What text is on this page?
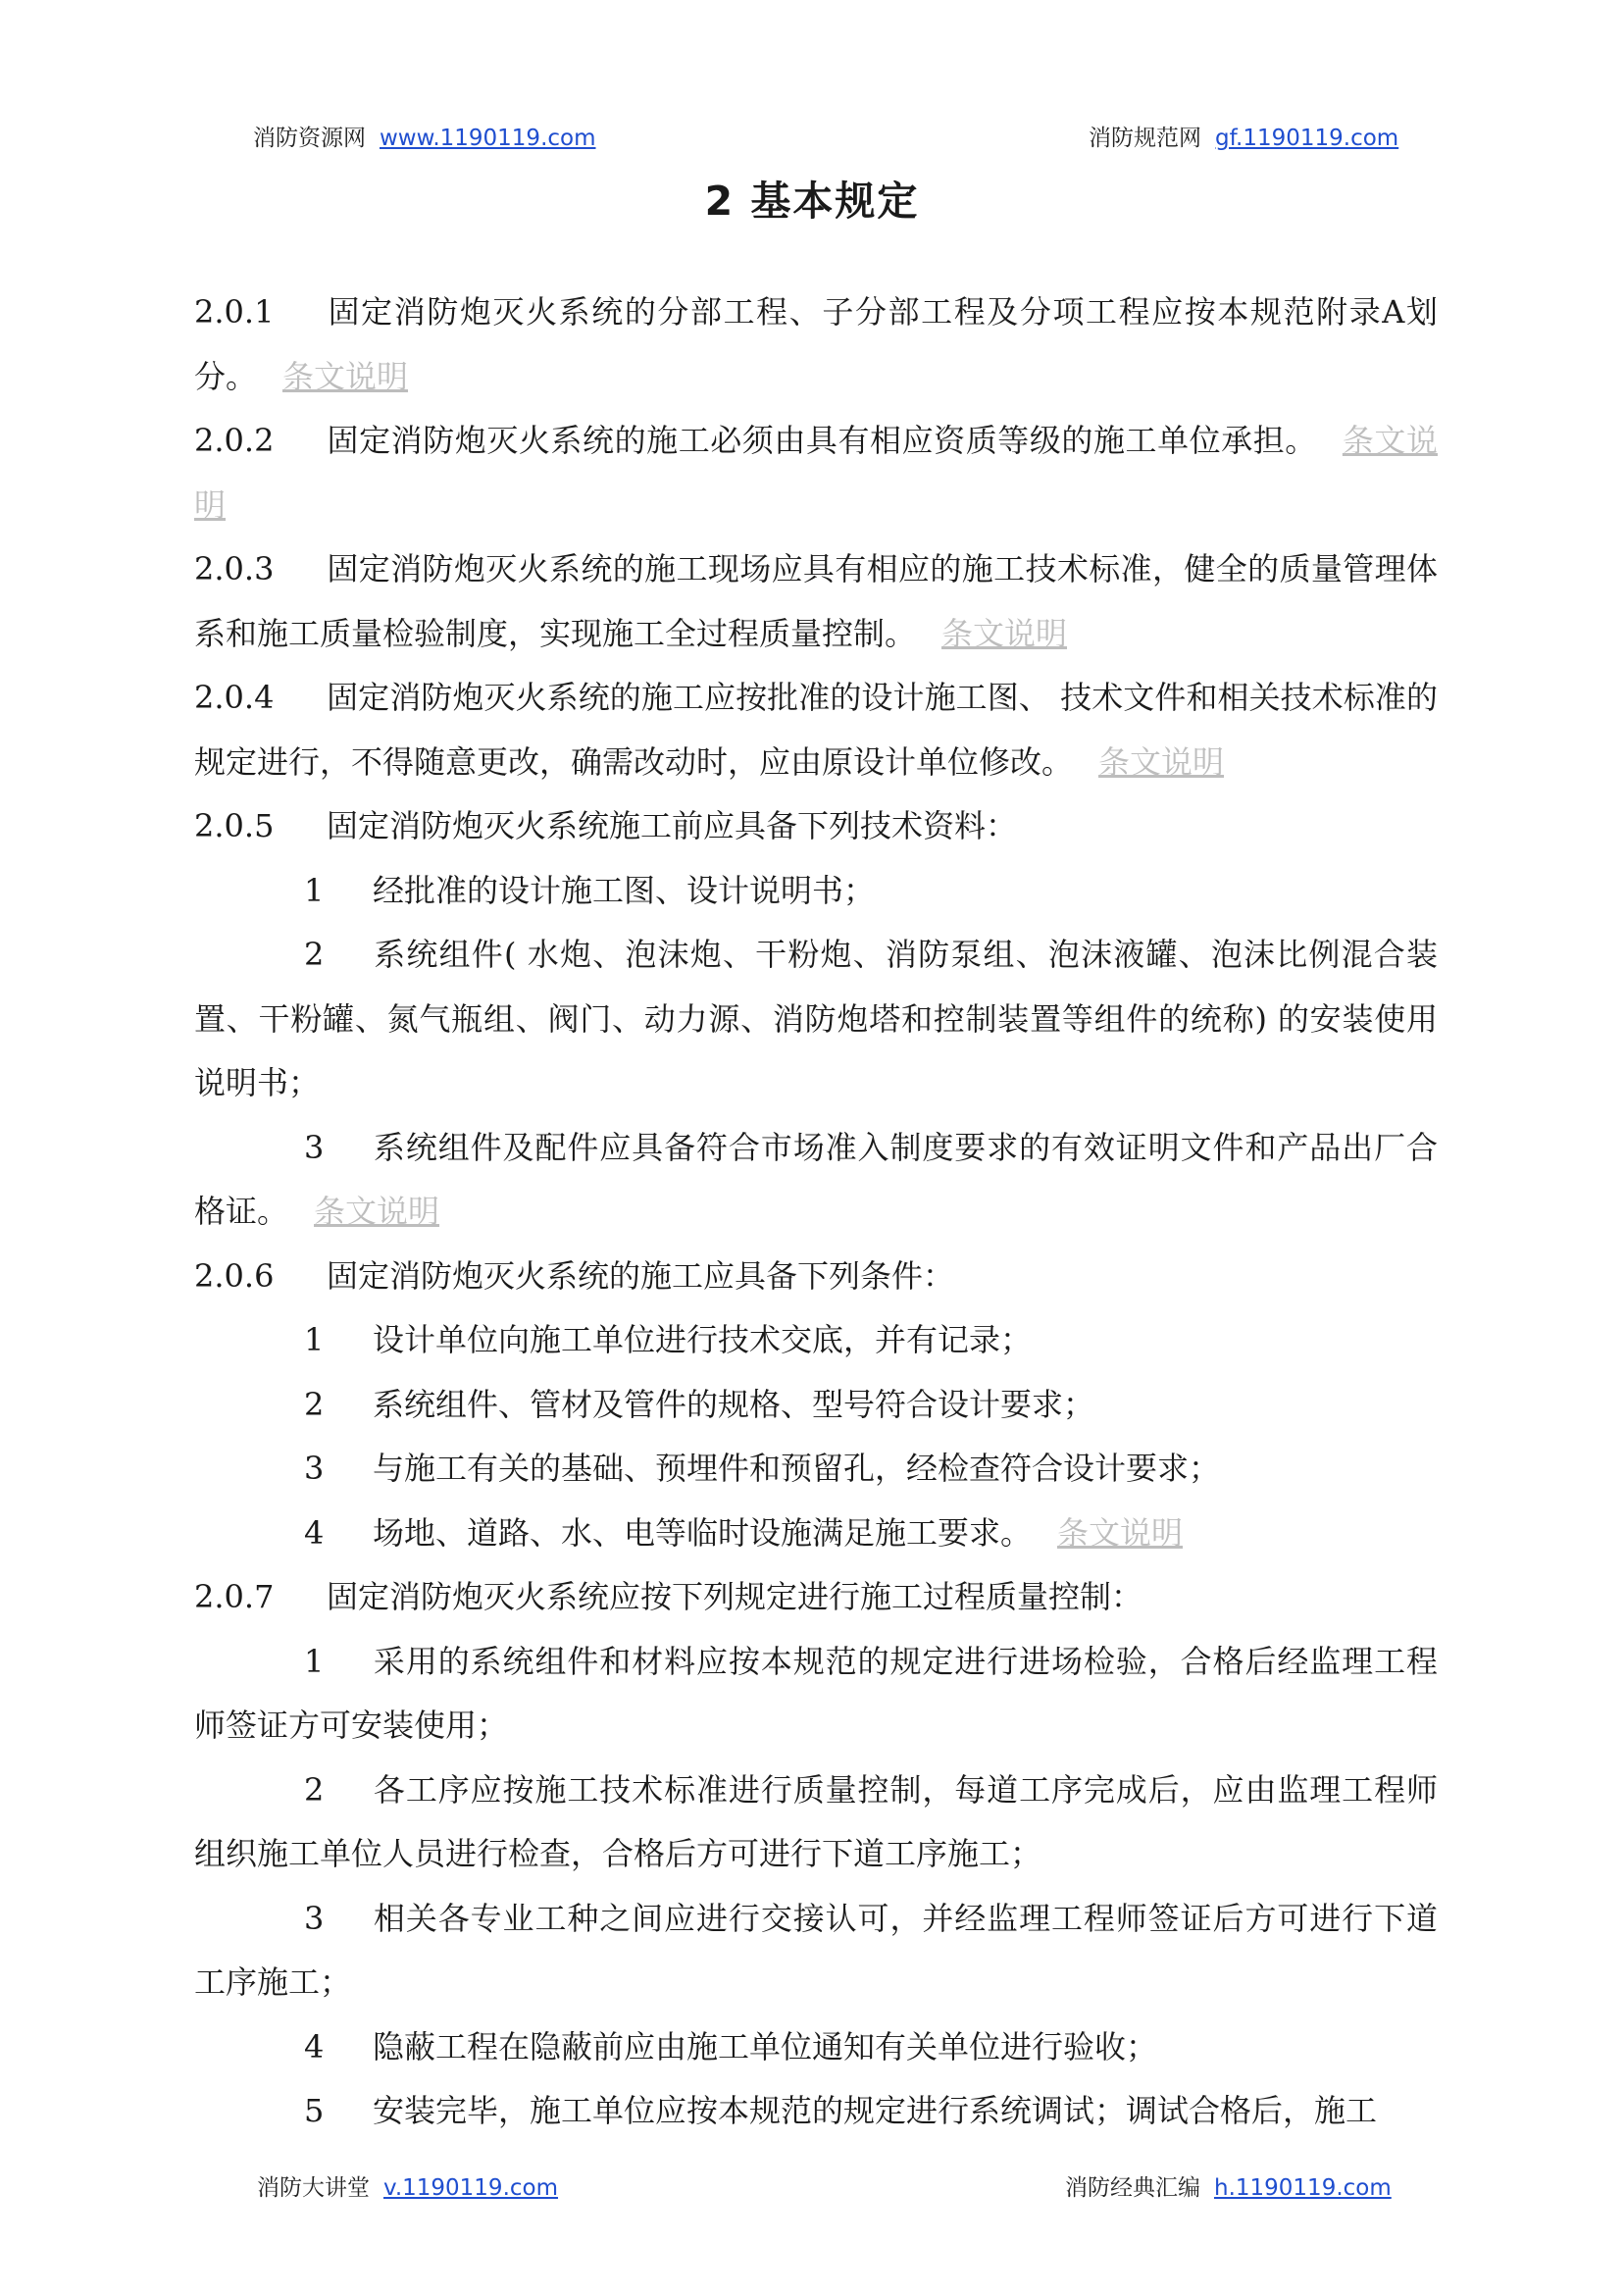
消防资源网 www.1190119.com	消防规范网 gf.1190119.com
2 基本规定

2.0.1 固定消防炮灭火系统的分部工程、子分部工程及分项工程应按本规范附录A划分。 条文说明

2.0.2 固定消防炮灭火系统的施工必须由具有相应资质等级的施工单位承担。 条文说明

2.0.3 固定消防炮灭火系统的施工现场应具有相应的施工技术标准，健全的质量管理体系和施工质量检验制度，实现施工全过程质量控制。 条文说明

2.0.4 固定消防炮灭火系统的施工应按批准的设计施工图、 技术文件和相关技术标准的规定进行，不得随意更改，确需改动时，应由原设计单位修改。 条文说明

2.0.5 固定消防炮灭火系统施工前应具备下列技术资料：

1 经批准的设计施工图、设计说明书；

2 系统组件( 水炮、泡沫炮、干粉炮、消防泵组、泡沫液罐、泡沫比例混合装置、干粉罐、氮气瓶组、阀门、动力源、消防炮塔和控制装置等组件的统称) 的安装使用说明书；

3 系统组件及配件应具备符合市场准入制度要求的有效证明文件和产品出厂合格证。 条文说明

2.0.6 固定消防炮灭火系统的施工应具备下列条件：

1 设计单位向施工单位进行技术交底，并有记录；

2 系统组件、管材及管件的规格、型号符合设计要求；

3 与施工有关的基础、预埋件和预留孔，经检查符合设计要求；

4 场地、道路、水、电等临时设施满足施工要求。 条文说明

2.0.7 固定消防炮灭火系统应按下列规定进行施工过程质量控制：

1 采用的系统组件和材料应按本规范的规定进行进场检验，合格后经监理工程师签证方可安装使用；

2 各工序应按施工技术标准进行质量控制，每道工序完成后，应由监理工程师组织施工单位人员进行检查，合格后方可进行下道工序施工；

3 相关各专业工种之间应进行交接认可，并经监理工程师签证后方可进行下道工序施工；

4 隐蔽工程在隐蔽前应由施工单位通知有关单位进行验收；

5 安装完毕，施工单位应按本规范的规定进行系统调试；调试合格后，施工

消防大讲堂 v.1190119.com	消防经典汇编 h.1190119.com
